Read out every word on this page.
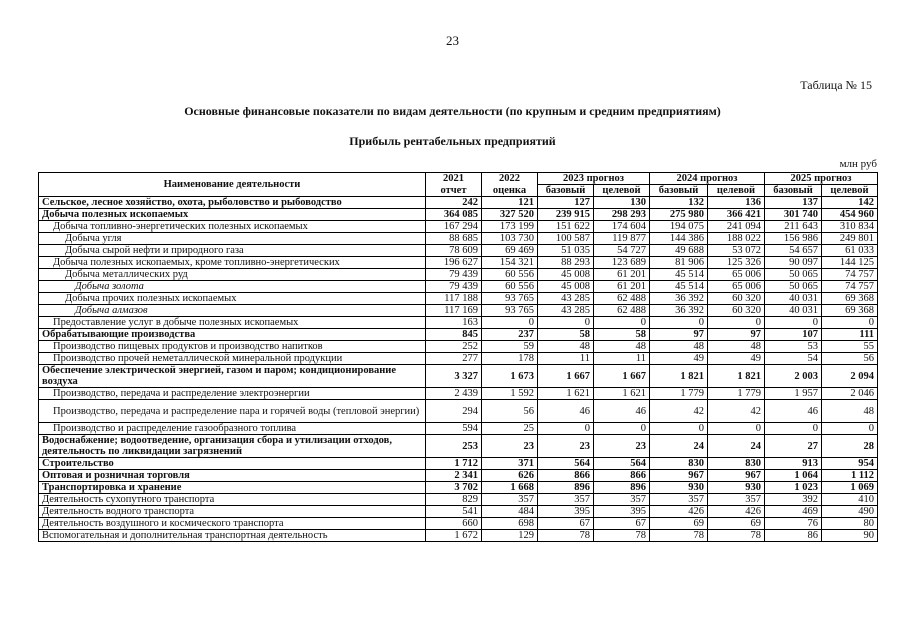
23
Таблица № 15
Основные финансовые показатели по видам деятельности (по крупным и средним предприятиям)
Прибыль рентабельных предприятий
млн руб
Наименование деятельности	2021	2022	2023 прогноз		2024 прогноз		2025 прогноз	
	отчет	оценка	базовый	целевой	базовый	целевой	базовый	целевой

Сельское, лесное хозяйство, охота, рыболовство и рыбоводство	242	121	127	130	132	136	137	142
Добыча полезных ископаемых	364 085	327 520	239 915	298 293	275 980	366 421	301 740	454 960
Добыча топливно-энергетических полезных ископаемых	167 294	173 199	151 622	174 604	194 075	241 094	211 643	310 834
Добыча угля	88 685	103 730	100 587	119 877	144 386	188 022	156 986	249 801
Добыча сырой нефти и природного газа	78 609	69 469	51 035	54 727	49 688	53 072	54 657	61 033
Добыча полезных ископаемых, кроме топливно-энергетических	196 627	154 321	88 293	123 689	81 906	125 326	90 097	144 125
Добыча металлических руд	79 439	60 556	45 008	61 201	45 514	65 006	50 065	74 757
Добыча золота	79 439	60 556	45 008	61 201	45 514	65 006	50 065	74 757
Добыча прочих полезных ископаемых	117 188	93 765	43 285	62 488	36 392	60 320	40 031	69 368
Добыча алмазов	117 169	93 765	43 285	62 488	36 392	60 320	40 031	69 368
Предоставление услуг в добыче полезных ископаемых	163	0	0	0	0	0	0	0
Обрабатывающие производства	845	237	58	58	97	97	107	111
Производство пищевых продуктов и производство напитков	252	59	48	48	48	48	53	55
Производство прочей неметаллической минеральной продукции	277	178	11	11	49	49	54	56
Обеспечение электрической энергией, газом и паром; кондиционирование воздуха	3 327	1 673	1 667	1 667	1 821	1 821	2 003	2 094
Производство, передача и распределение электроэнергии	2 439	1 592	1 621	1 621	1 779	1 779	1 957	2 046
Производство, передача и распределение пара и горячей воды (тепловой энергии)	294	56	46	46	42	42	46	48
Производство и распределение газообразного топлива	594	25	0	0	0	0	0	0
Водоснабжение; водоотведение, организация сбора и утилизации отходов, деятельность по ликвидации загрязнений	253	23	23	23	24	24	27	28
Строительство	1 712	371	564	564	830	830	913	954
Оптовая и розничная торговля	2 341	626	866	866	967	967	1 064	1 112
Транспортировка и хранение	3 702	1 668	896	896	930	930	1 023	1 069
Деятельность сухопутного транспорта	829	357	357	357	357	357	392	410
Деятельность водного транспорта	541	484	395	395	426	426	469	490
Деятельность воздушного и космического транспорта	660	698	67	67	69	69	76	80
Вспомогательная и дополнительная транспортная деятельность	1 672	129	78	78	78	78	86	90
